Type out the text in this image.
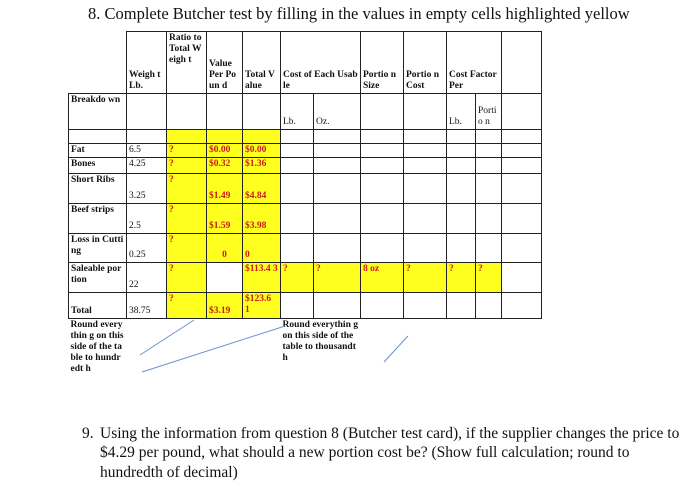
8. Complete Butcher test by filling in the values in empty cells highlighted yellow
	Weigh t Lb.	Ratio to Total Weigh t	Value Per Poun d	Total Value	Cost of Each Usable		Portio n Size	Portio n Cost	Cost Factor Per		
Breakdo wn					Lb.	Oz.			Lb.	Portio n	

Fat	6.5	?	$0.00	$0.00							
Bones	4.25	?	$0.32	$1.36							
Short Ribs	3.25	?	$1.49	$4.84							
Beef strips	2.5	?	$1.59	$3.98							
Loss in Cutting	0.25	?	0	0							
Saleable portion	22	?		$113.4 3	?	?	8 oz	?	?	?	
Total	38.75	?	$3.19	$123.6 1							
Round everythin g on this side of the table to hundredt h					Round everythin g on this side of the table to thousandt h						
9. Using the information from question 8 (Butcher test card), if the supplier changes the price to $4.29 per pound, what should a new portion cost be? (Show full calculation; round to hundredth of decimal)
